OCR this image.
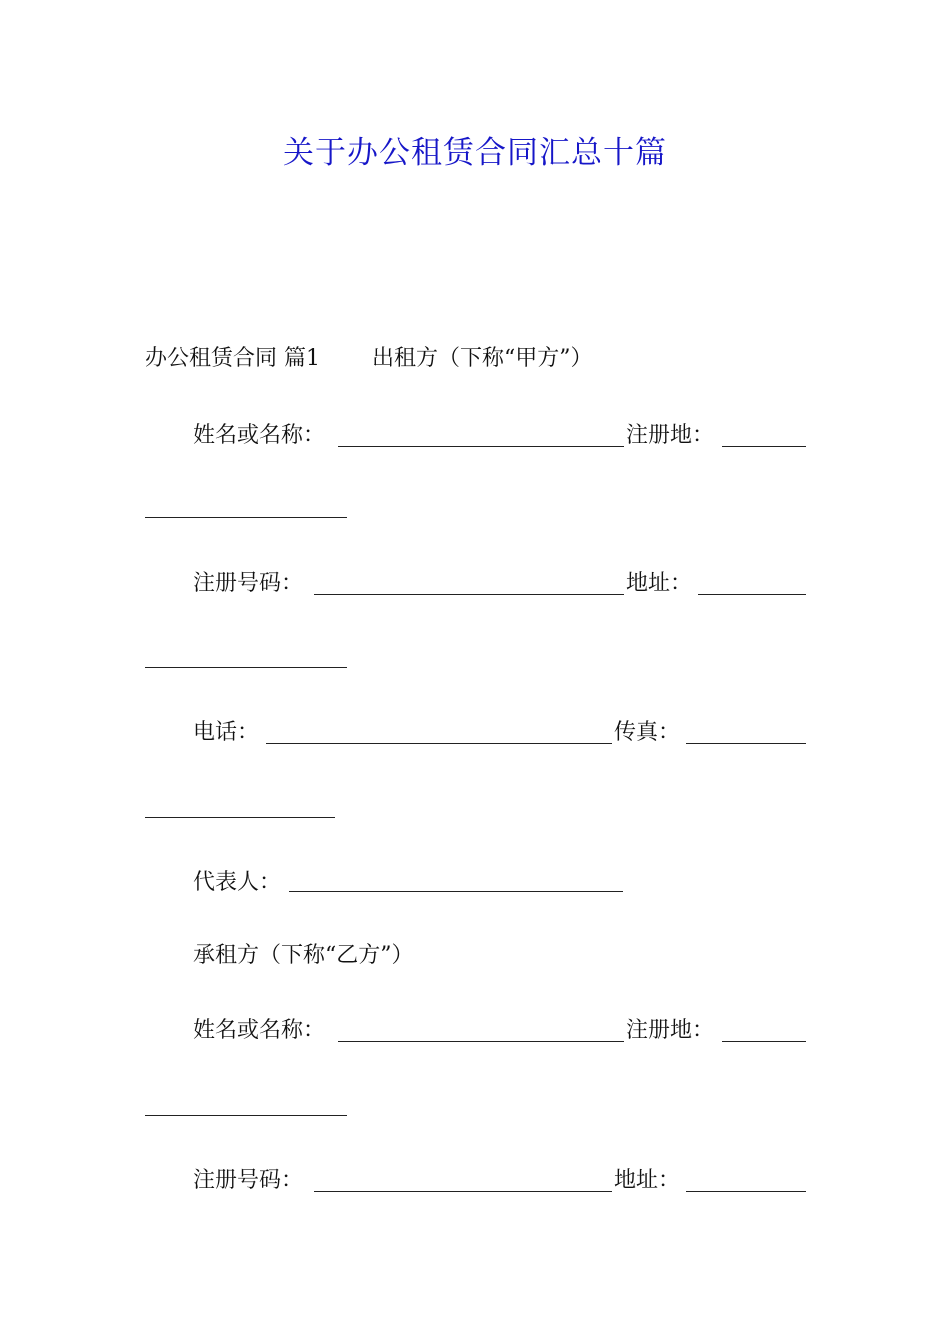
关于办公租赁合同汇总十篇
办公租赁合同 篇1 出租方（下称“甲方”）
姓名或名称：	注册地：
注册号码：	地址：
电话：	传真：
代表人：
承租方（下称“乙方”）
姓名或名称：	注册地：
注册号码：	地址：
